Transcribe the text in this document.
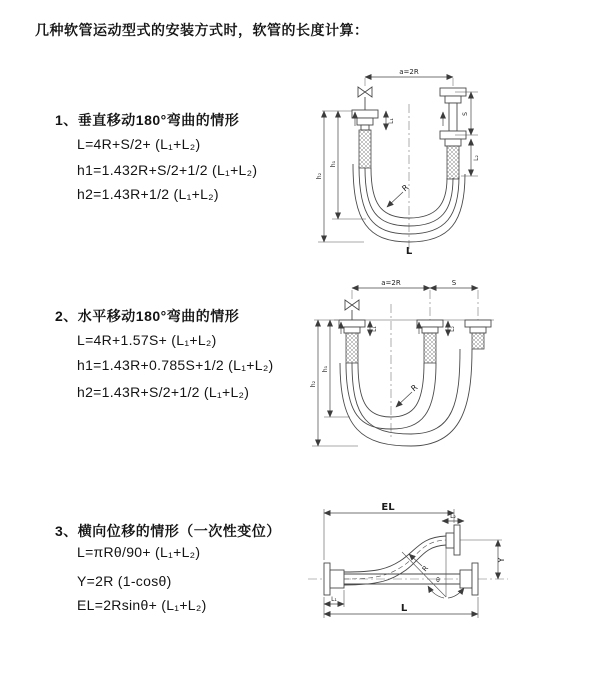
几种软管运动型式的安装方式时，软管的长度计算：
1、垂直移动180°弯曲的情形
L=4R+S/2+ (L₁+L₂)
h1=1.432R+S/2+1/2 (L₁+L₂)
h2=1.43R+1/2 (L₁+L₂)
2、水平移动180°弯曲的情形
L=4R+1.57S+ (L₁+L₂)
h1=1.43R+0.785S+1/2 (L₁+L₂)
h2=1.43R+S/2+1/2 (L₁+L₂)
3、横向位移的情形（一次性变位）
L=πRθ/90+ (L₁+L₂)
Y=2R (1-cosθ)
EL=2Rsinθ+ (L₁+L₂)
a=2R
h₁
h₂
L₁
S
L₂
R
L
a=2R	S
h₁
h₂
L₁	L₂
R
EL
L₂
Y
θ
R
L₁
L
